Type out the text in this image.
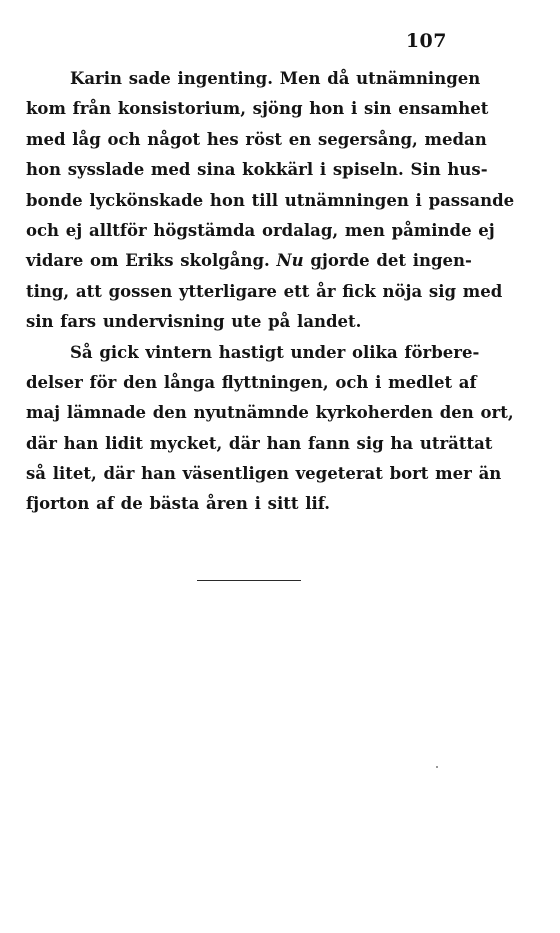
107
Karin sade ingenting. Men då utnämningen
kom från konsistorium, sjöng hon i sin ensamhet
med låg och något hes röst en segersång, medan
hon sysslade med sina kokkärl i spiseln. Sin hus-
bonde lyckönskade hon till utnämningen i passande
och ej alltför högstämda ordalag, men påminde ej
vidare om Eriks skolgång. Nu gjorde det ingen-
ting, att gossen ytterligare ett år fick nöja sig med
sin fars undervisning ute på landet.
Så gick vintern hastigt under olika förbere-
delser för den långa flyttningen, och i medlet af
maj lämnade den nyutnämnde kyrkoherden den ort,
där han lidit mycket, där han fann sig ha uträttat
så litet, där han väsentligen vegeterat bort mer än
fjorton af de bästa åren i sitt lif.
